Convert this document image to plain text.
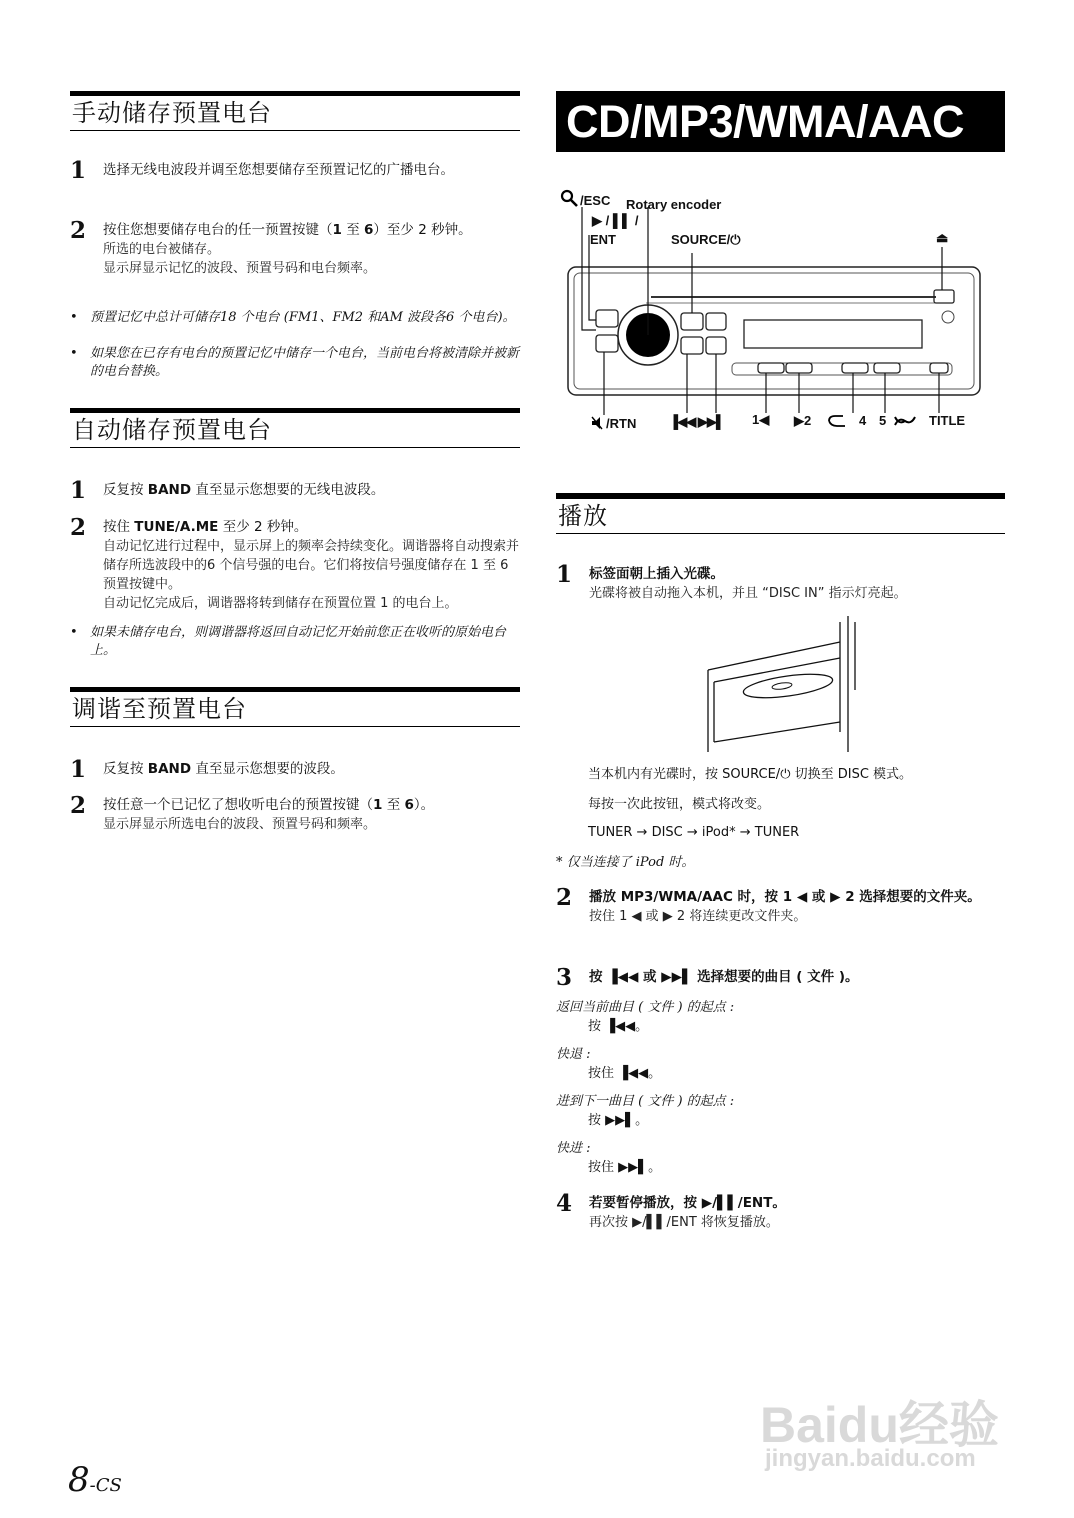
手动储存预置电台
1 选择无线电波段并调至您想要储存至预置记忆的广播电台。
2 按住您想要储存电台的任一预置按键（1 至 6）至少 2 秒钟。
所选的电台被储存。
显示屏显示记忆的波段、预置号码和电台频率。
• 预置记忆中总计可储存18 个电台 (FM1、FM2 和AM 波段各6 个电台)。
• 如果您在已存有电台的预置记忆中储存一个电台，当前电台将被清除并被新的电台替换。
自动储存预置电台
1 反复按 BAND 直至显示您想要的无线电波段。
2 按住 TUNE/A.ME 至少 2 秒钟。
自动记忆进行过程中，显示屏上的频率会持续变化。调谐器将自动搜索并储存所选波段中的6 个信号强的电台。它们将按信号强度储存在 1 至 6 预置按键中。
自动记忆完成后，调谐器将转到储存在预置位置 1 的电台上。
• 如果未储存电台，则调谐器将返回自动记忆开始前您正在收听的原始电台上。
调谐至预置电台
1 反复按 BAND 直至显示您想要的波段。
2 按任意一个已记忆了想收听电台的预置按键（1 至 6）。
显示屏显示所选电台的波段、预置号码和频率。
CD/MP3/WMA/AAC
/ESC Rotary encoder
▶ / ▌▌ /
ENT	SOURCE/⏻	⏏
/RTN	▐◀◀ ▶▶▌ 1◀ ▶2	4 5	TITLE
播放
1 标签面朝上插入光碟。
光碟将被自动拖入本机，并且 “DISC IN” 指示灯亮起。
当本机内有光碟时，按 SOURCE/⏻ 切换至 DISC 模式。
每按一次此按钮，模式将改变。
TUNER → DISC → iPod* → TUNER
* 仅当连接了 iPod 时。
2 播放 MP3/WMA/AAC 时，按 1 ◀ 或 ▶ 2 选择想要的文件夹。
按住 1 ◀ 或 ▶ 2 将连续更改文件夹。
3 按 ▐◀◀ 或 ▶▶▌ 选择想要的曲目 ( 文件 )。
返回当前曲目 ( 文件 ) 的起点 :
按 ▐◀◀。
快退 :
按住 ▐◀◀。
进到下一曲目 ( 文件 ) 的起点 :
按 ▶▶▌。
快进 :
按住 ▶▶▌。
4 若要暂停播放，按 ▶/▌▌/ENT。
再次按 ▶/▌▌/ENT 将恢复播放。
Baidu经验
jingyan.baidu.com
8-CS
